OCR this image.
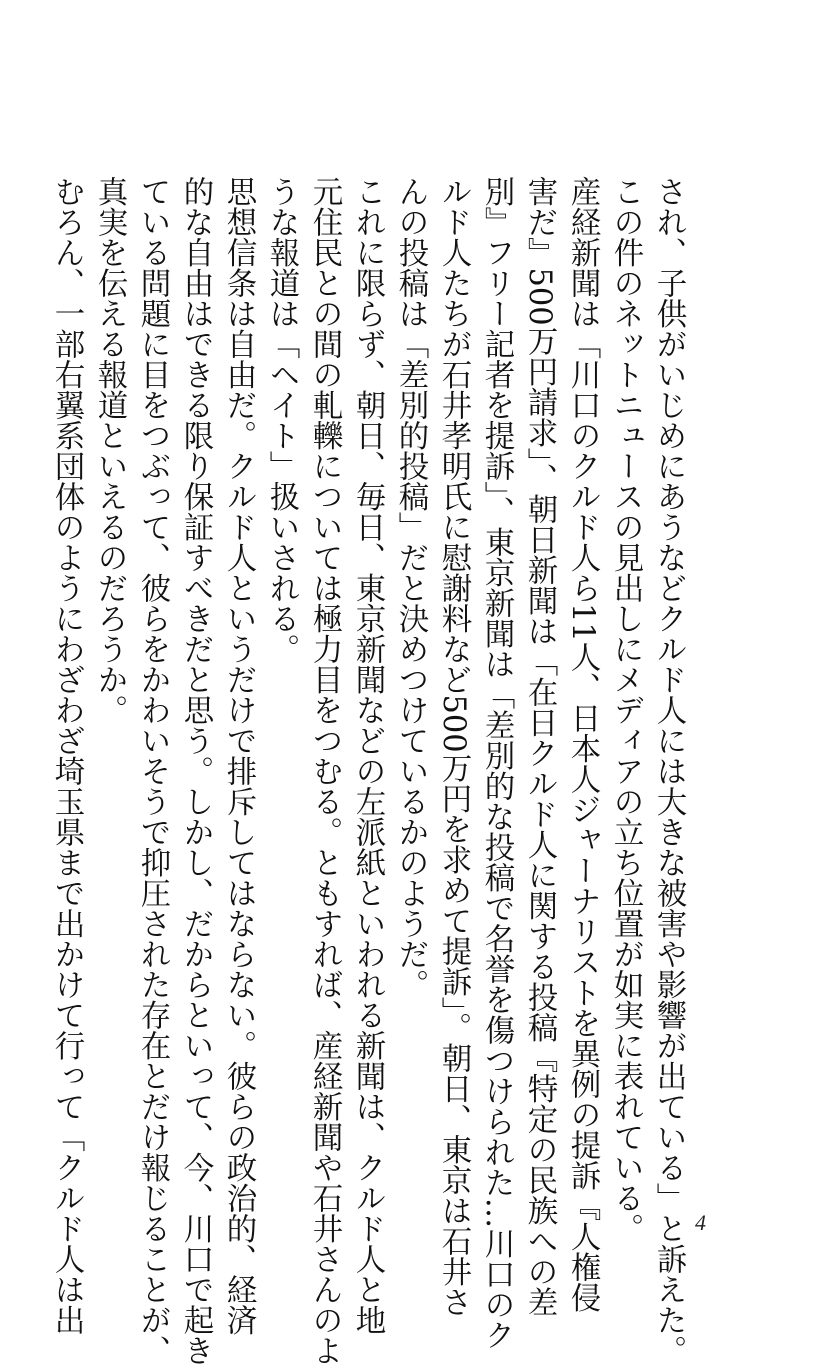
され、子供がいじめにあうなどクルド人には大きな被害や影響が出ている」と訴えた。
この件のネットニュースの見出しにメディアの立ち位置が如実に表れている。
産経新聞は「川口のクルド人ら11人、日本人ジャーナリストを異例の提訴『人権侵
害だ』500万円請求」、朝日新聞は「在日クルド人に関する投稿『特定の民族への差
別』フリー記者を提訴」、東京新聞は「差別的な投稿で名誉を傷つけられた…川口のク
ルド人たちが石井孝明氏に慰謝料など500万円を求めて提訴」。朝日、東京は石井さ
んの投稿は「差別的投稿」だと決めつけているかのようだ。
これに限らず、朝日、毎日、東京新聞などの左派紙といわれる新聞は、クルド人と地
元住民との間の軋轢については極力目をつむる。ともすれば、産経新聞や石井さんのよ
うな報道は「ヘイト」扱いされる。
思想信条は自由だ。クルド人というだけで排斥してはならない。彼らの政治的、経済
的な自由はできる限り保証すべきだと思う。しかし、だからといって、今、川口で起き
ている問題に目をつぶって、彼らをかわいそうで抑圧された存在とだけ報じることが、
真実を伝える報道といえるのだろうか。
むろん、一部右翼系団体のようにわざわざ埼玉県まで出かけて行って「クルド人は出	4
